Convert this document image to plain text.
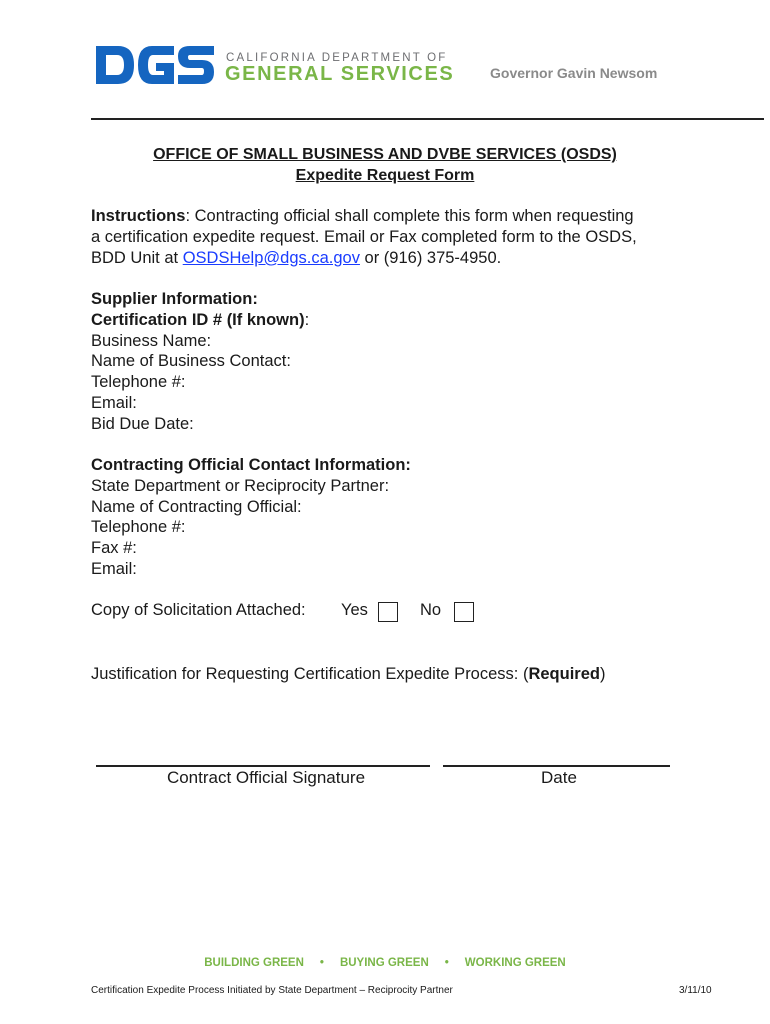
CALIFORNIA DEPARTMENT OF
GENERAL SERVICES	Governor Gavin Newsom
OFFICE OF SMALL BUSINESS AND DVBE SERVICES (OSDS)
Expedite Request Form
Instructions: Contracting official shall complete this form when requesting
a certification expedite request. Email or Fax completed form to the OSDS,
BDD Unit at OSDSHelp@dgs.ca.gov or (916) 375-4950.
Supplier Information:
Certification ID # (If known):
Business Name:
Name of Business Contact:
Telephone #:
Email:
Bid Due Date:
Contracting Official Contact Information:
State Department or Reciprocity Partner:
Name of Contracting Official:
Telephone #:
Fax #:
Email:
Copy of Solicitation Attached: Yes	No
Justification for Requesting Certification Expedite Process: (Required)
Contract Official Signature	Date
BUILDING GREEN • BUYING GREEN • WORKING GREEN
Certification Expedite Process Initiated by State Department – Reciprocity Partner	3/11/10
